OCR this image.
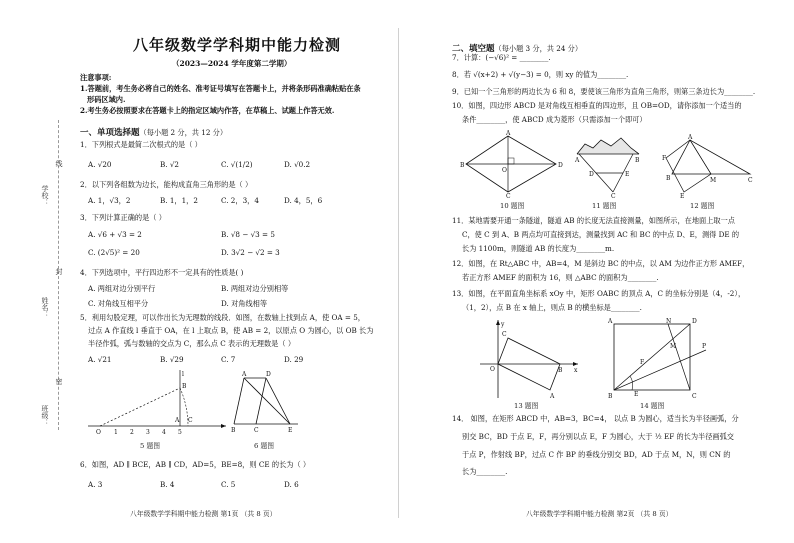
学校：
姓名：
班级：
线
封
密
八年级数学学科期中能力检测
（2023—2024 学年度第二学期）
注意事项:
1.答题前，考生务必将自己的姓名、准考证号填写在答题卡上，并将条形码准确粘贴在条
形码区域内.
2.考生务必按照要求在答题卡上的指定区域内作答，在草稿上、试题上作答无效.
一、单项选择题（每小题 2 分，共 12 分）
1．下列根式是最简二次根式的是（ ）
A. √20	B. √2	C. √(1/2)	D. √0.2
2．以下列各组数为边长，能构成直角三角形的是（ ）
A. 1，√3，2	B. 1，1，2	C. 2，3，4	D. 4，5，6
3．下列计算正确的是（ ）
A. √6 + √3 = 2	B. √8 − √3 = 5
C. (2√5)² = 20	D. 3√2 − √2 = 3
4．下列选项中，平行四边形不一定具有的性质是( )
A. 两组对边分别平行	B. 两组对边分别相等
C. 对角线互相平分	D. 对角线相等
5．利用勾股定理，可以作出长为无理数的线段．如图，在数轴上找到点 A，使 OA = 5，
过点 A 作直线 l 垂直于 OA，在 l 上取点 B，使 AB = 2，以原点 O 为圆心，以 OB 长为
半径作弧，弧与数轴的交点为 C，那么点 C 表示的无理数是（ ）
A. √21	B. √29	C. 7	D. 29
O 1 2 3 4 5
A C
B
l
5 题图
A	D
B	C	E
6 题图
6．如图，AD ∥ BCE，AB ∥ CD，AD=5，BE=8，则 CE 的长为（ ）
A. 3	B. 4	C. 5	D. 6
八年级数学学科期中能力检测 第1页 （共 8 页）
二、填空题（每小题 3 分，共 24 分）
7．计算：(−√6)² = ________.
8．若 √(x+2) + √(y−3) = 0，则 xy 的值为________.
9．已知一个三角形的两边长为 6 和 8，要使该三角形为直角三角形，则第三条边长为________.
10．如图，四边形 ABCD 是对角线互相垂直的四边形，且 OB=OD，请你添加一个适当的
条件________，使 ABCD 成为菱形（只需添加一个即可）
A
B	D
C
O
10 题图
A	B
C
D	E
11 题图
A
B	C
M
F
E
12 题图
11．某地需要开通一条隧道，隧道 AB 的长度无法直接测量，如图所示，在地面上取一点
C，使 C 到 A、B 两点均可直接到达，测量找到 AC 和 BC 的中点 D、E，测得 DE 的
长为 1100m，则隧道 AB 的长度为________m.
12．如图，在 Rt△ABC 中，AB=4，M 是斜边 BC 的中点，以 AM 为边作正方形 AMEF，
若正方形 AMEF 的面积为 16，则 △ABC 的面积为________.
13．如图，在平面直角坐标系 xOy 中，矩形 OABC 的顶点 A，C 的坐标分别是（4，-2），
（1，2），点 B 在 x 轴上，则点 B 的横坐标是________.
O
C
B
A
x
y
13 题图
A	D
B	C
N
M	P
F
E
14 题图
14． 如图，在矩形 ABCD 中，AB=3，BC=4， 以点 B 为圆心，适当长为半径画弧，分
别交 BC，BD 于点 E，F，再分别以点 E，F 为圆心，大于 ½ EF 的长为半径画弧交
于点 P，作射线 BP，过点 C 作 BP 的垂线分别交 BD，AD 于点 M，N，则 CN 的
长为________.
八年级数学学科期中能力检测 第2页 （共 8 页）
